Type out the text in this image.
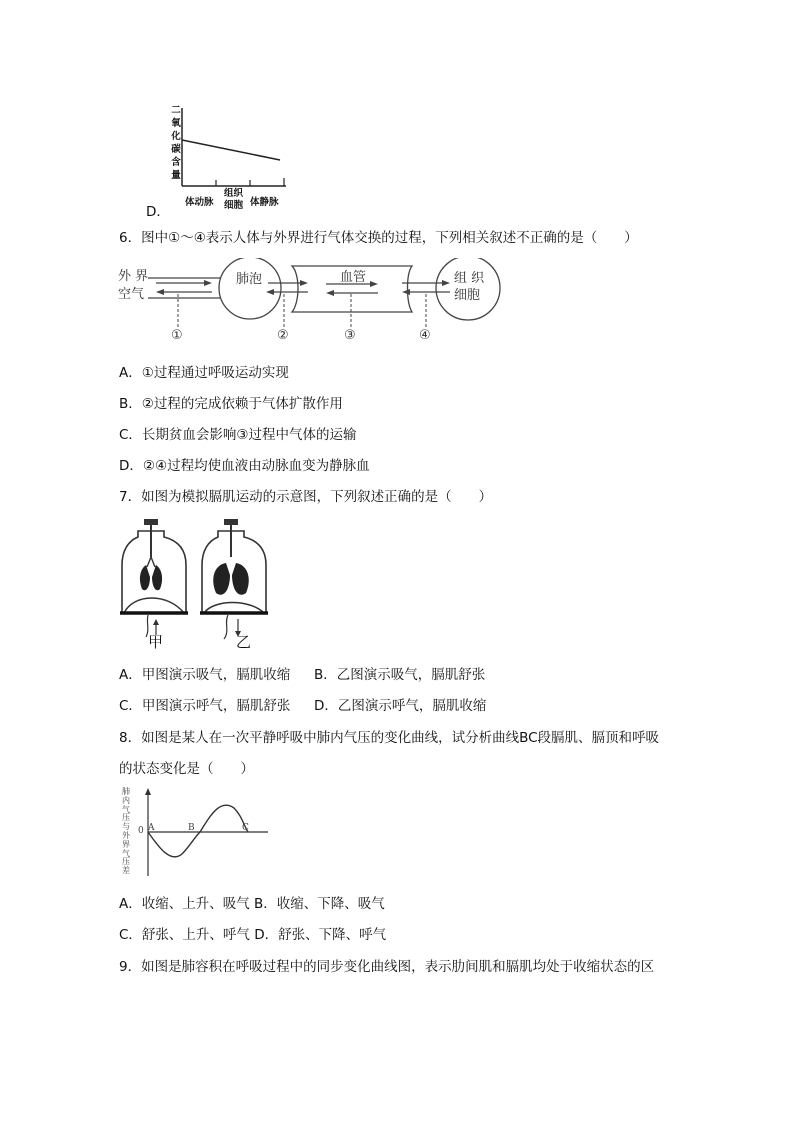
二
氧
化
碳
含
量
体动脉
组织
细胞 体静脉
D．
6．图中①～④表示人体与外界进行气体交换的过程，下列相关叙述不正确的是（　　）
外 界
空气
肺泡	血管	组 织
细胞
①	②	③	④
A．①过程通过呼吸运动实现
B．②过程的完成依赖于气体扩散作用
C．长期贫血会影响③过程中气体的运输
D．②④过程均使血液由动脉血变为静脉血
7．如图为模拟膈肌运动的示意图，下列叙述正确的是（　　）
甲	乙
A．甲图演示吸气，膈肌收缩 B．乙图演示吸气，膈肌舒张
C．甲图演示呼气，膈肌舒张 D．乙图演示呼气，膈肌收缩
8．如图是某人在一次平静呼吸中肺内气压的变化曲线，试分析曲线BC段膈肌、膈顶和呼吸
的状态变化是（　　）
肺
内
气
压
与
外
界
气
压
差
0 A	B	C
A．收缩、上升、吸气 B．收缩、下降、吸气
C．舒张、上升、呼气 D．舒张、下降、呼气
9．如图是肺容积在呼吸过程中的同步变化曲线图，表示肋间肌和膈肌均处于收缩状态的区
